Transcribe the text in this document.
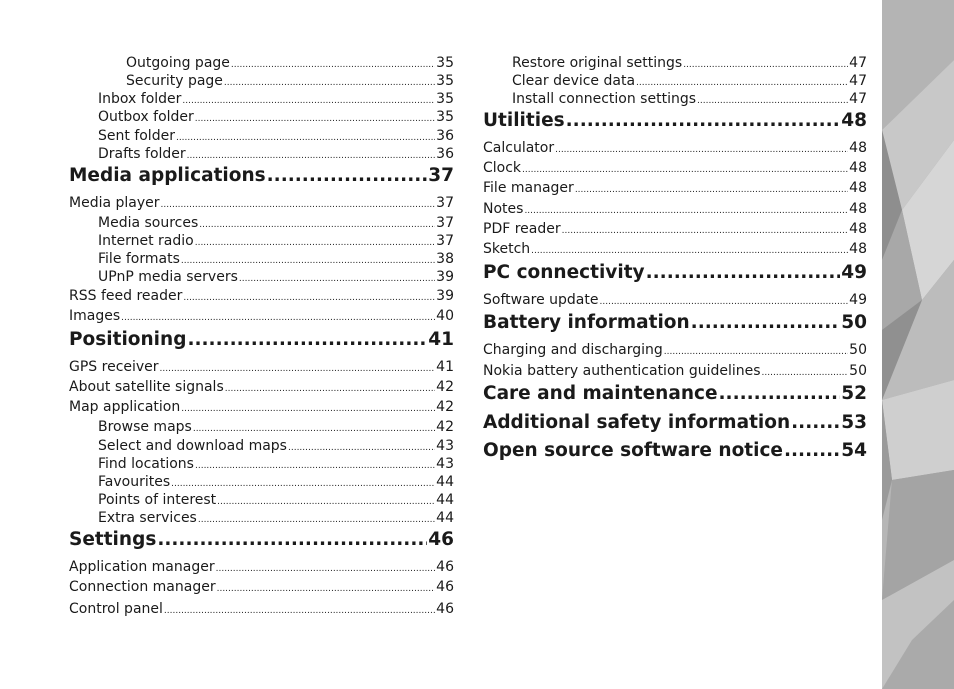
Outgoing page .....	35
Security page .....	35
Inbox folder .....	35
Outbox folder .....	35
Sent folder .....	36
Drafts folder .....	36
Media applications .....	37
Media player .....	37
Media sources .....	37
Internet radio .....	37
File formats .....	38
UPnP media servers .....	39
RSS feed reader .....	39
Images .....	40
Positioning .....	41
GPS receiver .....	41
About satellite signals .....	42
Map application .....	42
Browse maps .....	42
Select and download maps .....	43
Find locations .....	43
Favourites .....	44
Points of interest .....	44
Extra services .....	44
Settings .....	46
Application manager .....	46
Connection manager .....	46
Control panel .....	46
Restore original settings .....	47
Clear device data .....	47
Install connection settings .....	47
Utilities .....	48
Calculator .....	48
Clock .....	48
File manager .....	48
Notes .....	48
PDF reader .....	48
Sketch .....	48
PC connectivity .....	49
Software update .....	49
Battery information .....	50
Charging and discharging .....	50
Nokia battery authentication guidelines .....	50
Care and maintenance .....	52
Additional safety information .....	53
Open source software notice .....	54
